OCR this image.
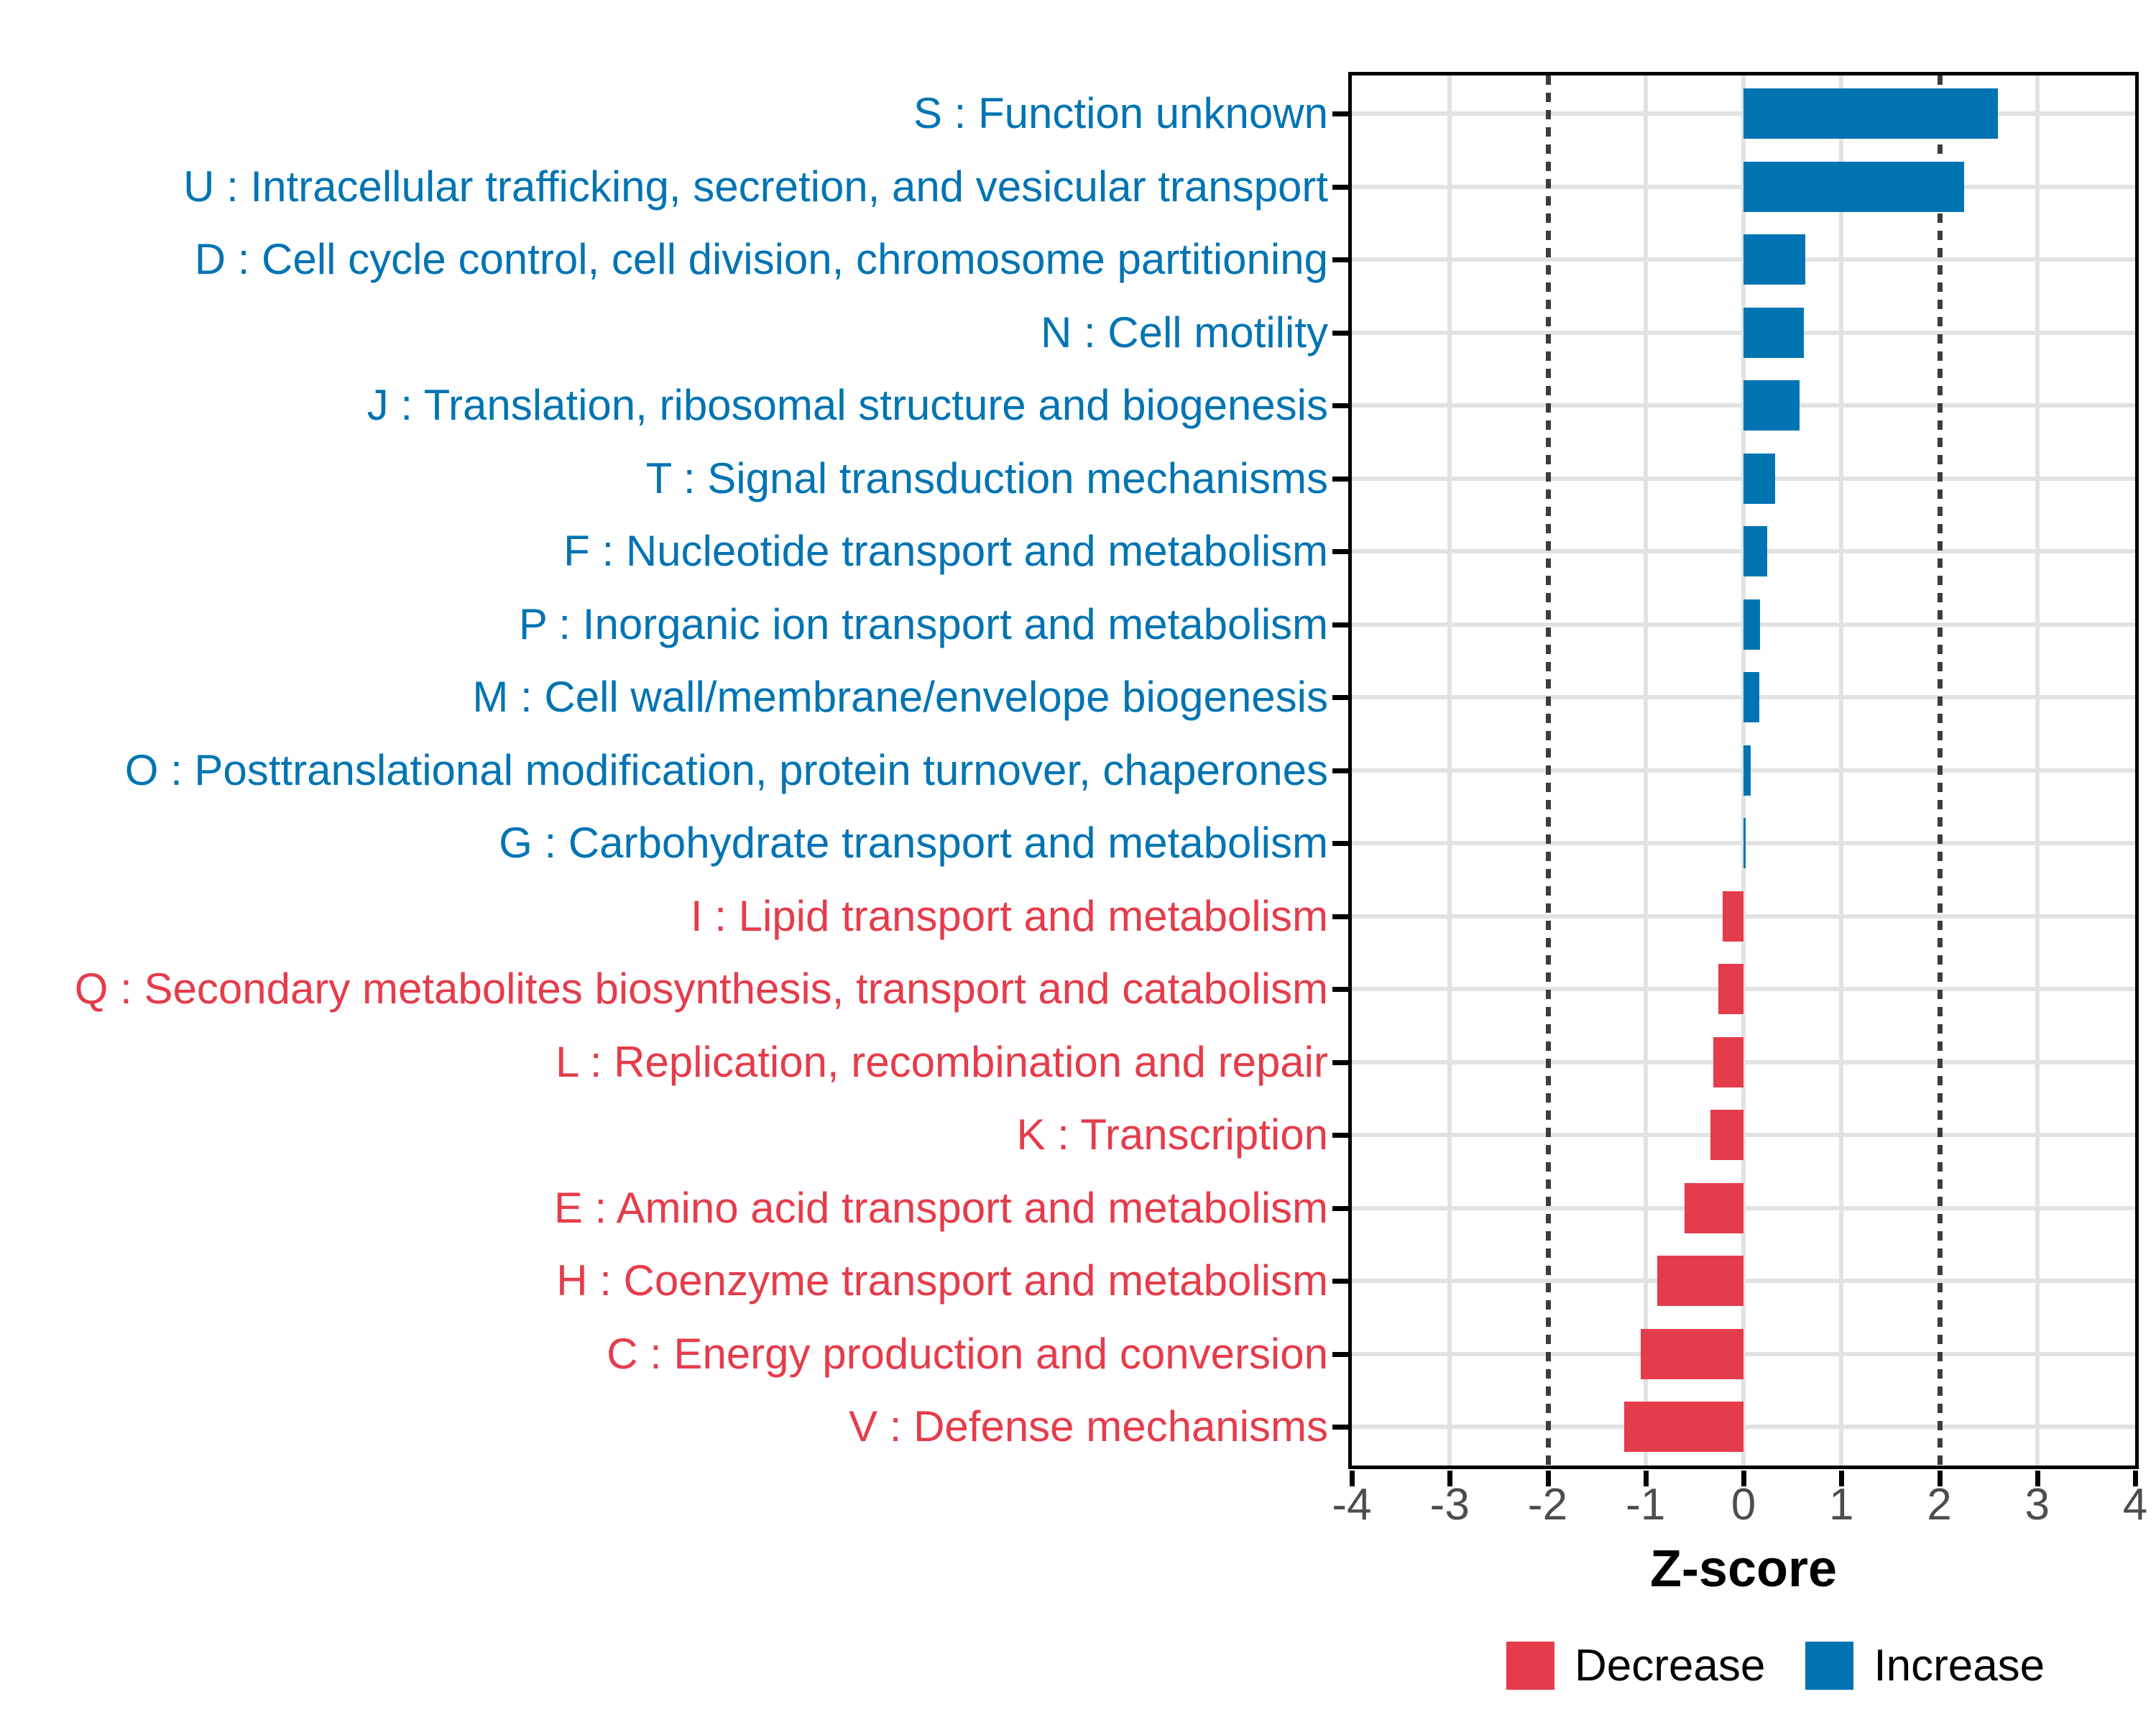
S : Function unknown
U : Intracellular trafficking, secretion, and vesicular transport
D : Cell cycle control, cell division, chromosome partitioning
N : Cell motility
J : Translation, ribosomal structure and biogenesis
T : Signal transduction mechanisms
F : Nucleotide transport and metabolism
P : Inorganic ion transport and metabolism
M : Cell wall/membrane/envelope biogenesis
O : Posttranslational modification, protein turnover, chaperones
G : Carbohydrate transport and metabolism
I : Lipid transport and metabolism
Q : Secondary metabolites biosynthesis, transport and catabolism
L : Replication, recombination and repair
K : Transcription
E : Amino acid transport and metabolism
H : Coenzyme transport and metabolism
C : Energy production and conversion
V : Defense mechanisms
-4	-3	-2	-1	0	1	2	3	4
Z-score
Decrease Increase
